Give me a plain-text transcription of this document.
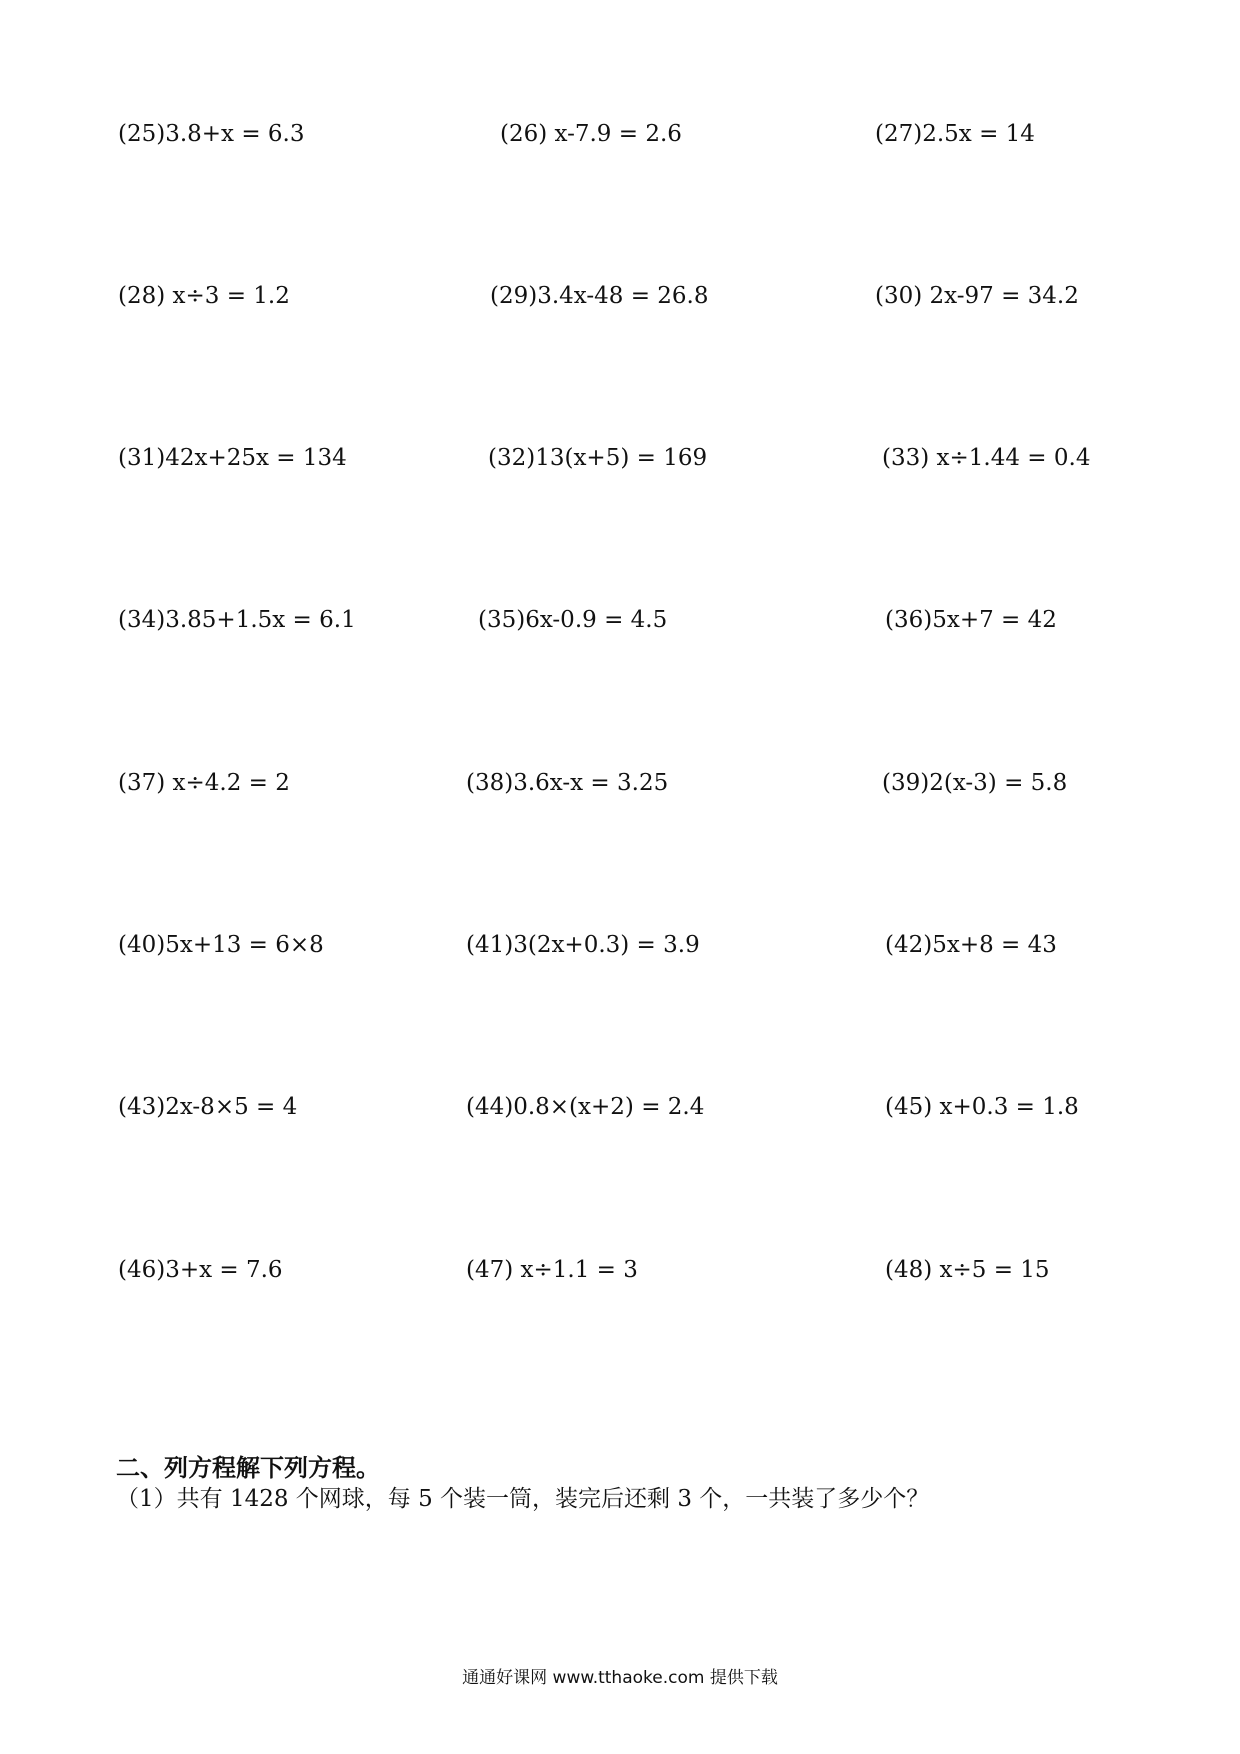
(25)3.8+x = 6.3	(26) x-7.9 = 2.6	(27)2.5x = 14
(28) x÷3 = 1.2	(29)3.4x-48 = 26.8	(30) 2x-97 = 34.2
(31)42x+25x = 134	(32)13(x+5) = 169	(33) x÷1.44 = 0.4
(34)3.85+1.5x = 6.1	(35)6x-0.9 = 4.5	(36)5x+7 = 42
(37) x÷4.2 = 2	(38)3.6x-x = 3.25	(39)2(x-3) = 5.8
(40)5x+13 = 6×8	(41)3(2x+0.3) = 3.9	(42)5x+8 = 43
(43)2x-8×5 = 4	(44)0.8×(x+2) = 2.4	(45) x+0.3 = 1.8
(46)3+x = 7.6	(47) x÷1.1 = 3	(48) x÷5 = 15
二、列方程解下列方程。
（1）共有 1428 个网球，每 5 个装一筒，装完后还剩 3 个，一共装了多少个？
通通好课网 www.tthaoke.com 提供下载
